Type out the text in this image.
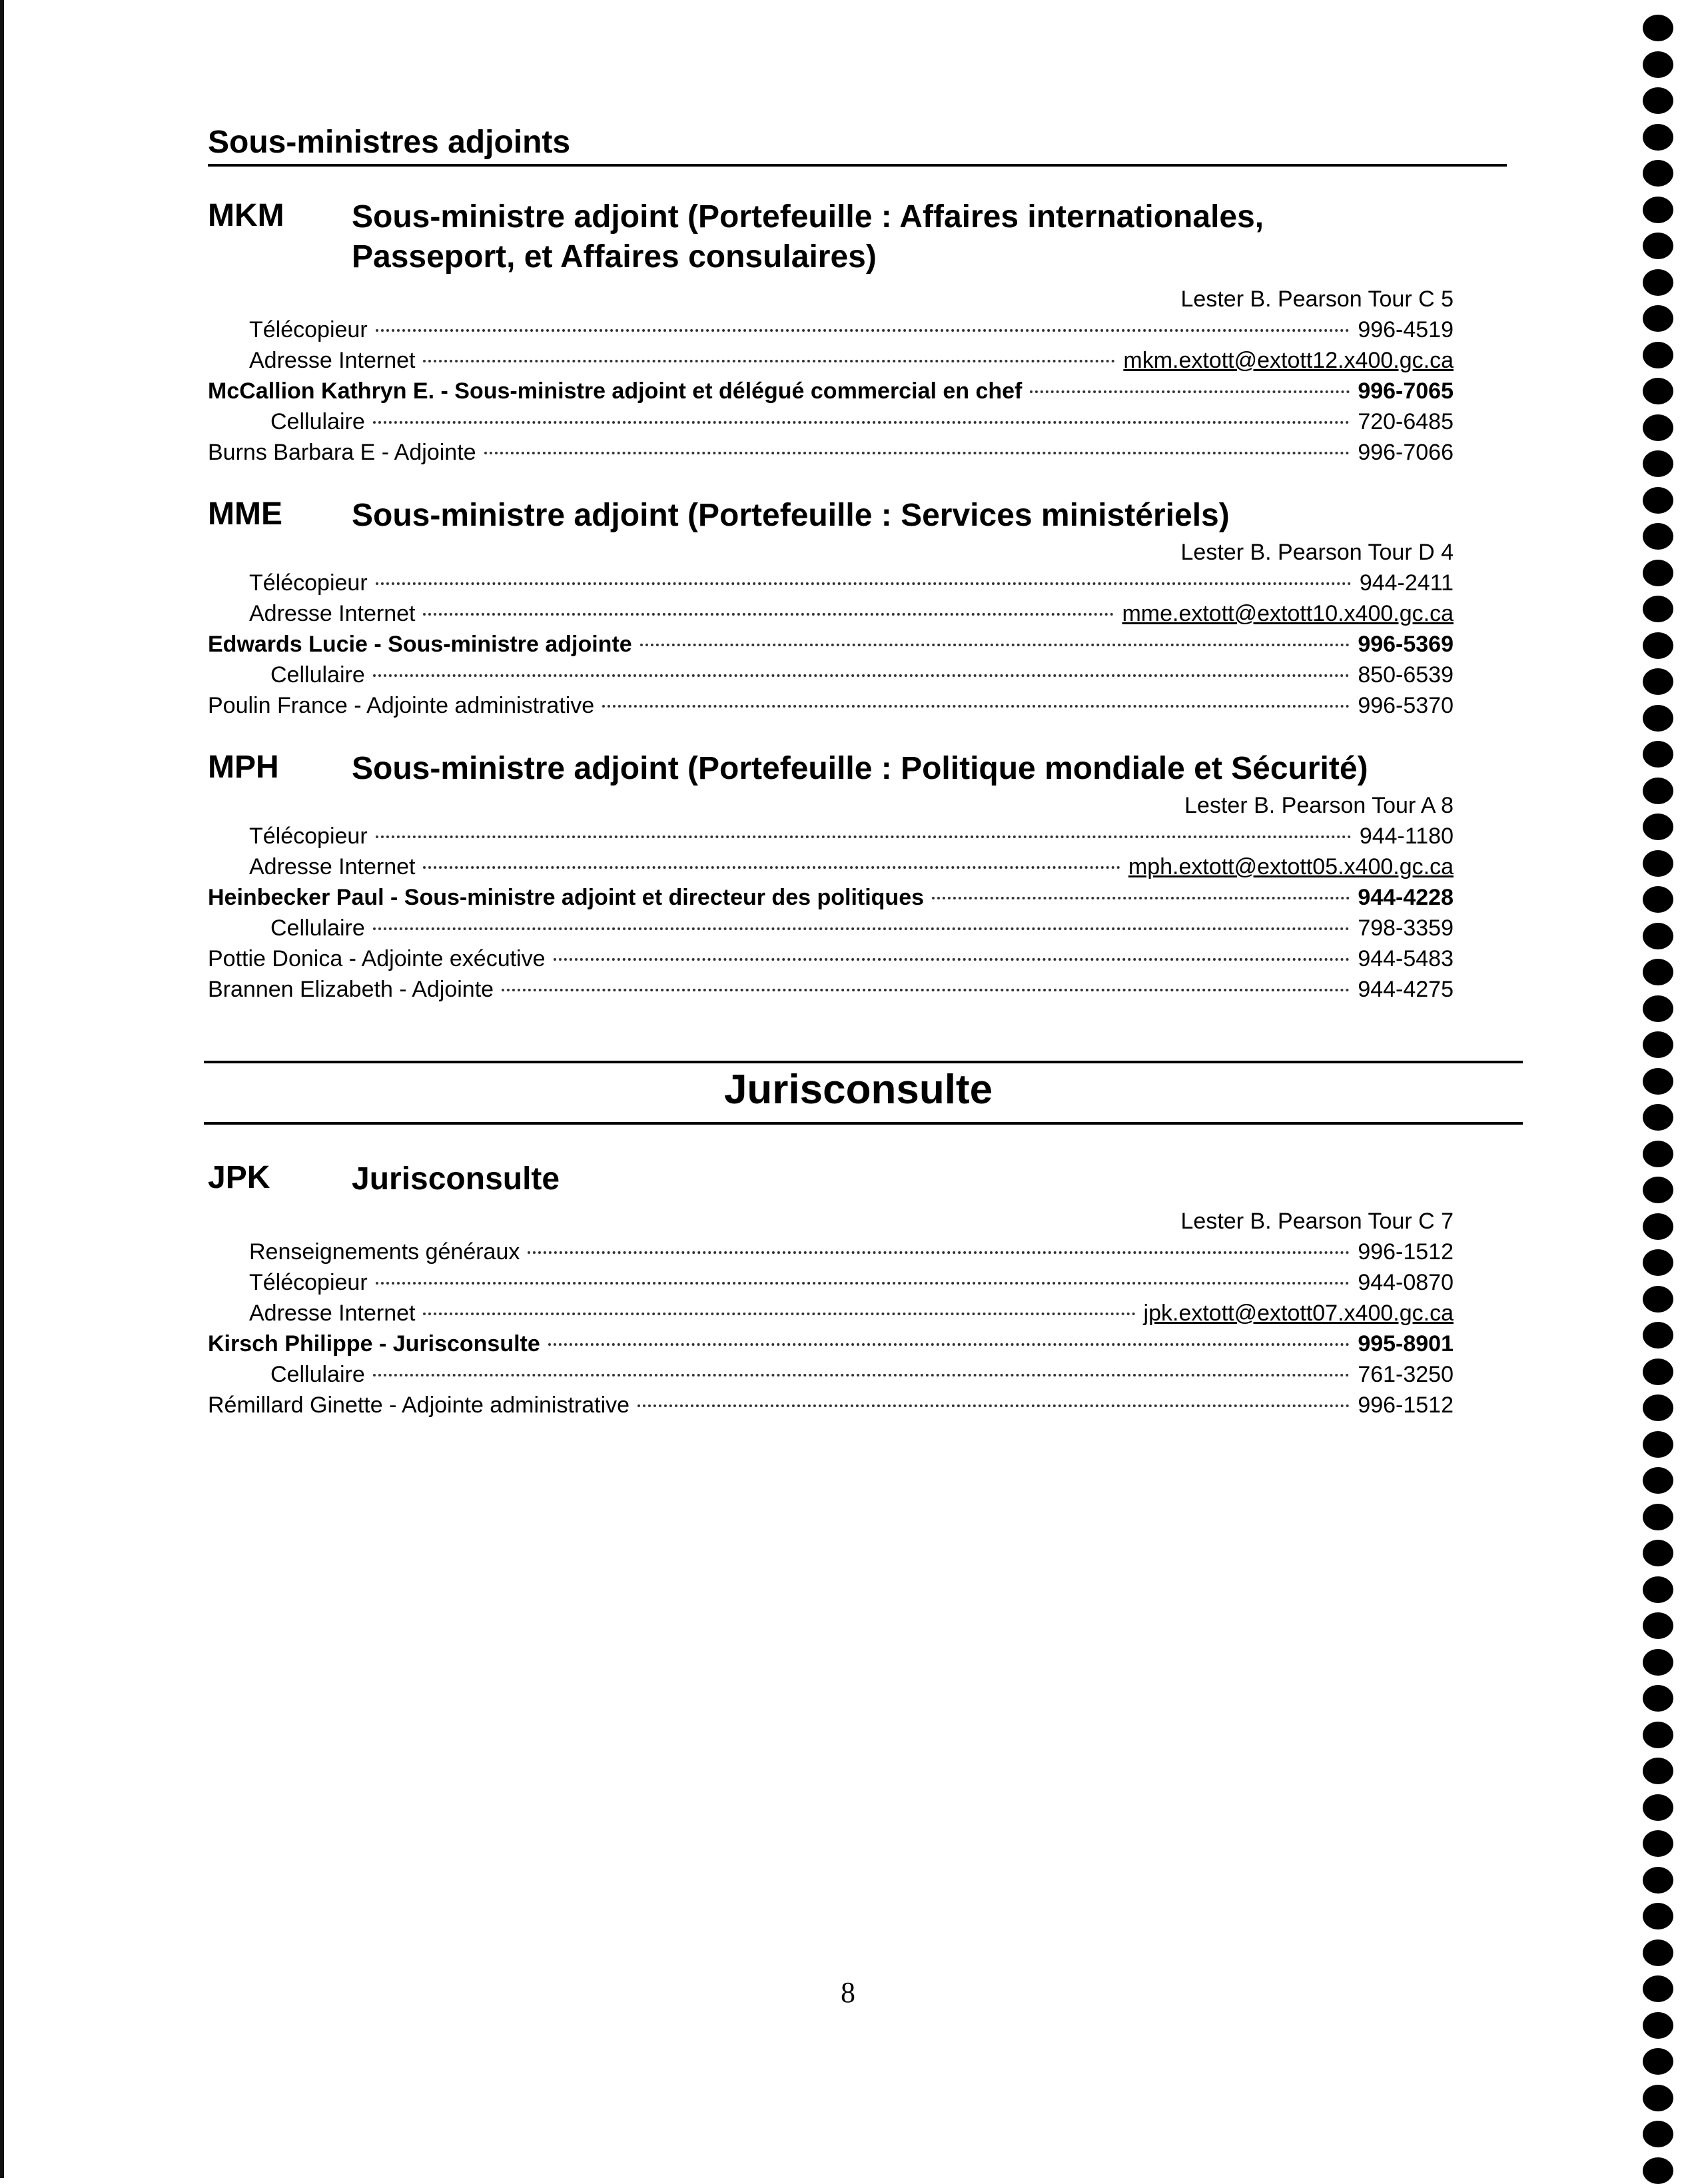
Sous-ministres adjoints
MKM Sous-ministre adjoint (Portefeuille : Affaires internationales,
Passeport, et Affaires consulaires)
Lester B. Pearson Tour C 5
Télécopieur	996-4519
Adresse Internet	mkm.extott@extott12.x400.gc.ca
McCallion Kathryn E. - Sous-ministre adjoint et délégué commercial en chef	996-7065
Cellulaire	720-6485
Burns Barbara E - Adjointe	996-7066
MME Sous-ministre adjoint (Portefeuille : Services ministériels)
Lester B. Pearson Tour D 4
Télécopieur	944-2411
Adresse Internet	mme.extott@extott10.x400.gc.ca
Edwards Lucie - Sous-ministre adjointe	996-5369
Cellulaire	850-6539
Poulin France - Adjointe administrative	996-5370
MPH Sous-ministre adjoint (Portefeuille : Politique mondiale et Sécurité)
Lester B. Pearson Tour A 8
Télécopieur	944-1180
Adresse Internet	mph.extott@extott05.x400.gc.ca
Heinbecker Paul - Sous-ministre adjoint et directeur des politiques	944-4228
Cellulaire	798-3359
Pottie Donica - Adjointe exécutive	944-5483
Brannen Elizabeth - Adjointe	944-4275
Jurisconsulte
JPK	Jurisconsulte
Lester B. Pearson Tour C 7
Renseignements généraux	996-1512
Télécopieur	944-0870
Adresse Internet	jpk.extott@extott07.x400.gc.ca
Kirsch Philippe - Jurisconsulte	995-8901
Cellulaire	761-3250
Rémillard Ginette - Adjointe administrative	996-1512
8
